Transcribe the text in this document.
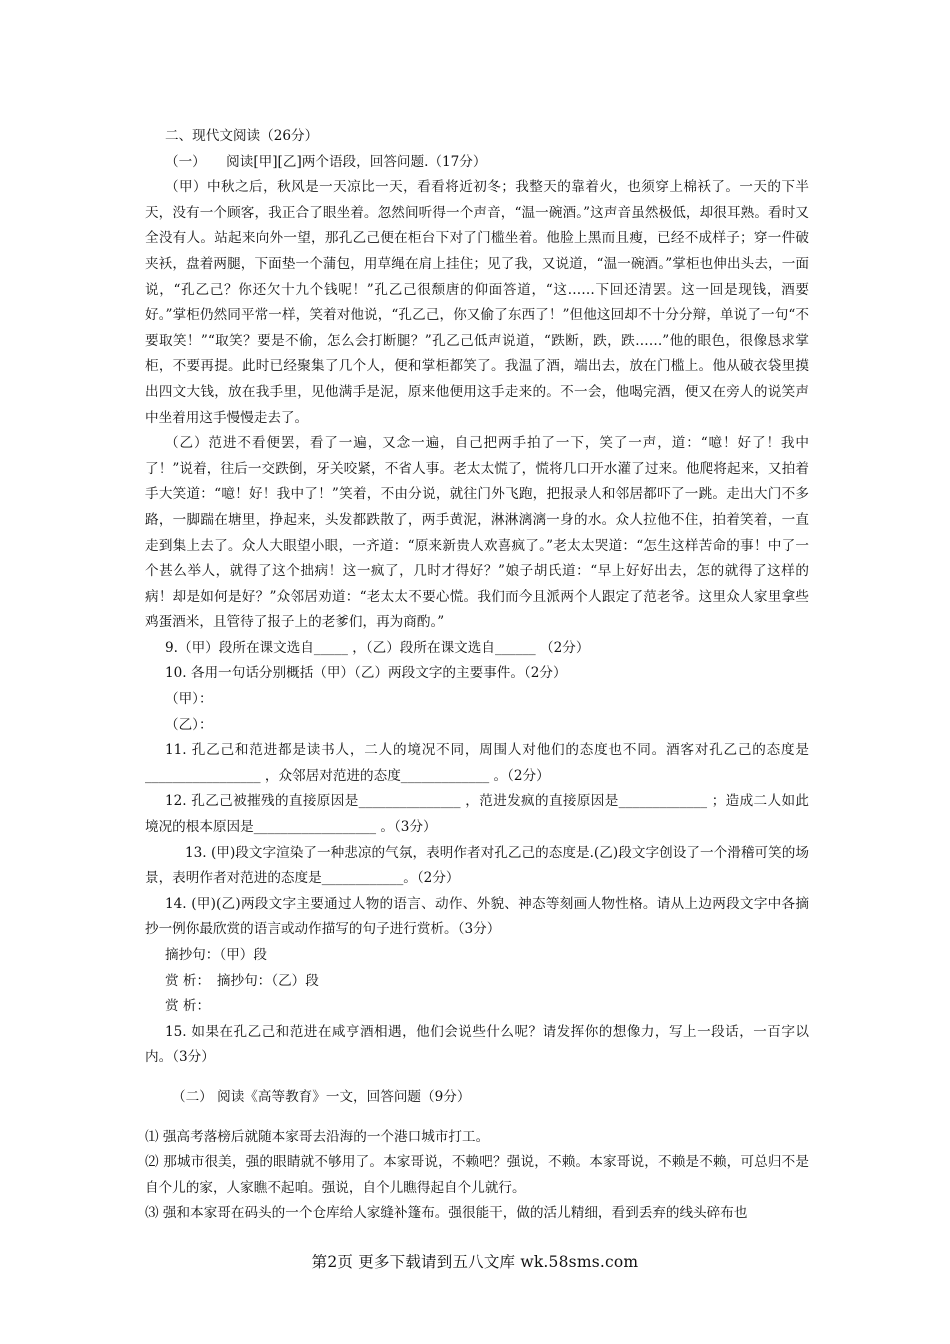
二、现代文阅读（26分）

（一）　　阅读[甲][乙]两个语段，回答问题.（17分）

（甲）中秋之后，秋风是一天凉比一天，看看将近初冬；我整天的靠着火，也须穿上棉袄了。一天的下半天，没有一个顾客，我正合了眼坐着。忽然间听得一个声音，“温一碗酒。”这声音虽然极低，却很耳熟。看时又全没有人。站起来向外一望，那孔乙己便在柜台下对了门槛坐着。他脸上黑而且瘦，已经不成样子；穿一件破夹袄，盘着两腿，下面垫一个蒲包，用草绳在肩上挂住；见了我，又说道，“温一碗酒。”掌柜也伸出头去，一面说，“孔乙己？你还欠十九个钱呢！”孔乙己很颓唐的仰面答道，“这……下回还清罢。这一回是现钱，酒要好。”掌柜仍然同平常一样，笑着对他说，“孔乙己，你又偷了东西了！”但他这回却不十分分辩，单说了一句“不要取笑！”“取笑？要是不偷，怎么会打断腿？”孔乙己低声说道，“跌断，跌，跌……”他的眼色，很像恳求掌柜，不要再提。此时已经聚集了几个人，便和掌柜都笑了。我温了酒，端出去，放在门槛上。他从破衣袋里摸出四文大钱，放在我手里，见他满手是泥，原来他便用这手走来的。不一会，他喝完酒，便又在旁人的说笑声中坐着用这手慢慢走去了。

（乙）范进不看便罢，看了一遍，又念一遍，自己把两手拍了一下，笑了一声，道：“噫！好了！我中了！”说着，往后一交跌倒，牙关咬紧，不省人事。老太太慌了，慌将几口开水灌了过来。他爬将起来，又拍着手大笑道：“噫！好！我中了！”笑着，不由分说，就往门外飞跑，把报录人和邻居都吓了一跳。走出大门不多路，一脚踹在塘里，挣起来，头发都跌散了，两手黄泥，淋淋漓漓一身的水。众人拉他不住，拍着笑着，一直走到集上去了。众人大眼望小眼，一齐道：“原来新贵人欢喜疯了。”老太太哭道：“怎生这样苦命的事！中了一个甚么举人，就得了这个拙病！这一疯了，几时才得好？”娘子胡氏道：“早上好好出去，怎的就得了这样的病！却是如何是好？”众邻居劝道：“老太太不要心慌。我们而今且派两个人跟定了范老爷。这里众人家里拿些鸡蛋酒米，且管待了报子上的老爹们，再为商酌。”

9.（甲）段所在课文选自_____ ，（乙）段所在课文选自______ （2分）

10. 各用一句话分别概括（甲）（乙）两段文字的主要事件。（2分）

（甲）：

（乙）：

11. 孔乙己和范进都是读书人，二人的境况不同，周围人对他们的态度也不同。酒客对孔乙己的态度是_________________ ，众邻居对范进的态度_____________ 。（2分）

12. 孔乙己被摧残的直接原因是_______________ ，范进发疯的直接原因是_____________ ；造成二人如此境况的根本原因是__________________ 。（3分）

13. (甲)段文字渲染了一种悲凉的气氛，表明作者对孔乙己的态度是.(乙)段文字创设了一个滑稽可笑的场景，表明作者对范进的态度是____________。（2分）

14. (甲)(乙)两段文字主要通过人物的语言、动作、外貌、神态等刻画人物性格。请从上边两段文字中各摘抄一例你最欣赏的语言或动作描写的句子进行赏析。（3分）

摘抄句：（甲）段

赏 析：　摘抄句：（乙）段

赏 析：

15. 如果在孔乙己和范进在咸亨酒相遇，他们会说些什么呢？请发挥你的想像力，写上一段话，一百字以内。（3分）

（二） 阅读《高等教育》一文，回答问题（9分）

⑴ 强高考落榜后就随本家哥去沿海的一个港口城市打工。

⑵ 那城市很美，强的眼睛就不够用了。本家哥说，不赖吧？强说，不赖。本家哥说，不赖是不赖，可总归不是自个儿的家，人家瞧不起咱。强说，自个儿瞧得起自个儿就行。

⑶ 强和本家哥在码头的一个仓库给人家缝补篷布。强很能干，做的活儿精细，看到丢弃的线头碎布也

第2页 更多下载请到五八文库 wk.58sms.com
